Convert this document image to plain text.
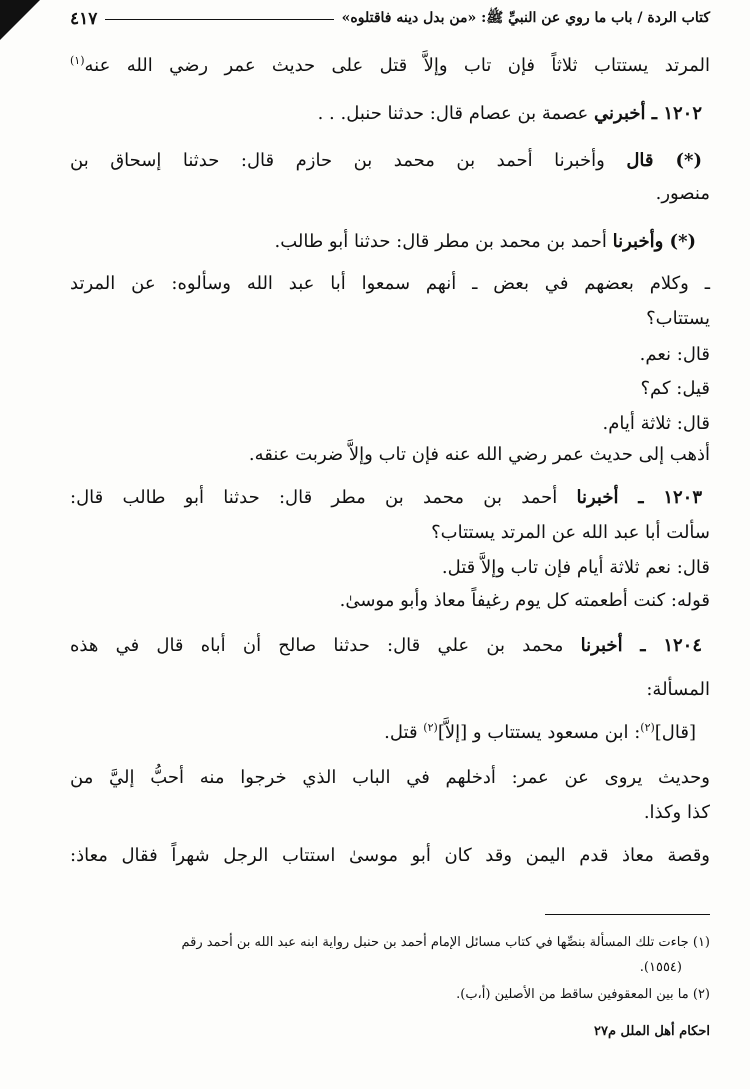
كتاب الردة / باب ما روي عن النبيِّ ﷺ: «من بدل دينه فاقتلوه»
٤١٧
المرتد يستتاب ثلاثاً فإن تاب وإلاَّ قتل على حديث عمر رضي الله عنه$^{(١)}$
١٢٠٢ ـ أخبرني عصمة بن عصام قال: حدثنا حنبل. . .
(*) قال وأخبرنا أحمد بن محمد بن حازم قال: حدثنا إسحاق بن
منصور.
(*) وأخبرنا أحمد بن محمد بن مطر قال: حدثنا أبو طالب.
ـ وكلام بعضهم في بعض ـ أنهم سمعوا أبا عبد الله وسألوه: عن المرتد
يستتاب؟
قال: نعم.
قيل: كم؟
قال: ثلاثة أيام.
أذهب إلى حديث عمر رضي الله عنه فإن تاب وإلاَّ ضربت عنقه.
١٢٠٣ ـ أخبرنا أحمد بن محمد بن مطر قال: حدثنا أبو طالب قال:
سألت أبا عبد الله عن المرتد يستتاب؟
قال: نعم ثلاثة أيام فإن تاب وإلاَّ قتل.
قوله: كنت أطعمته كل يوم رغيفاً معاذ وأبو موسىٰ.
١٢٠٤ ـ أخبرنا محمد بن علي قال: حدثنا صالح أن أباه قال في هذه
المسألة:
[قال]$^{(٢)}$: ابن مسعود يستتاب و [إلاَّ]$^{(٢)}$ قتل.
وحديث يروى عن عمر: أدخلهم في الباب الذي خرجوا منه أحبُّ إليَّ من
كذا وكذا.
وقصة معاذ قدم اليمن وقد كان أبو موسىٰ استتاب الرجل شهراً فقال معاذ:
(١) جاءت تلك المسألة بنصِّها في كتاب مسائل الإمام أحمد بن حنبل رواية ابنه عبد الله بن أحمد رقم
(١٥٥٤).
(٢) ما بين المعقوفين ساقط من الأصلين (أ،ب).
احكام أهل الملل م٢٧
